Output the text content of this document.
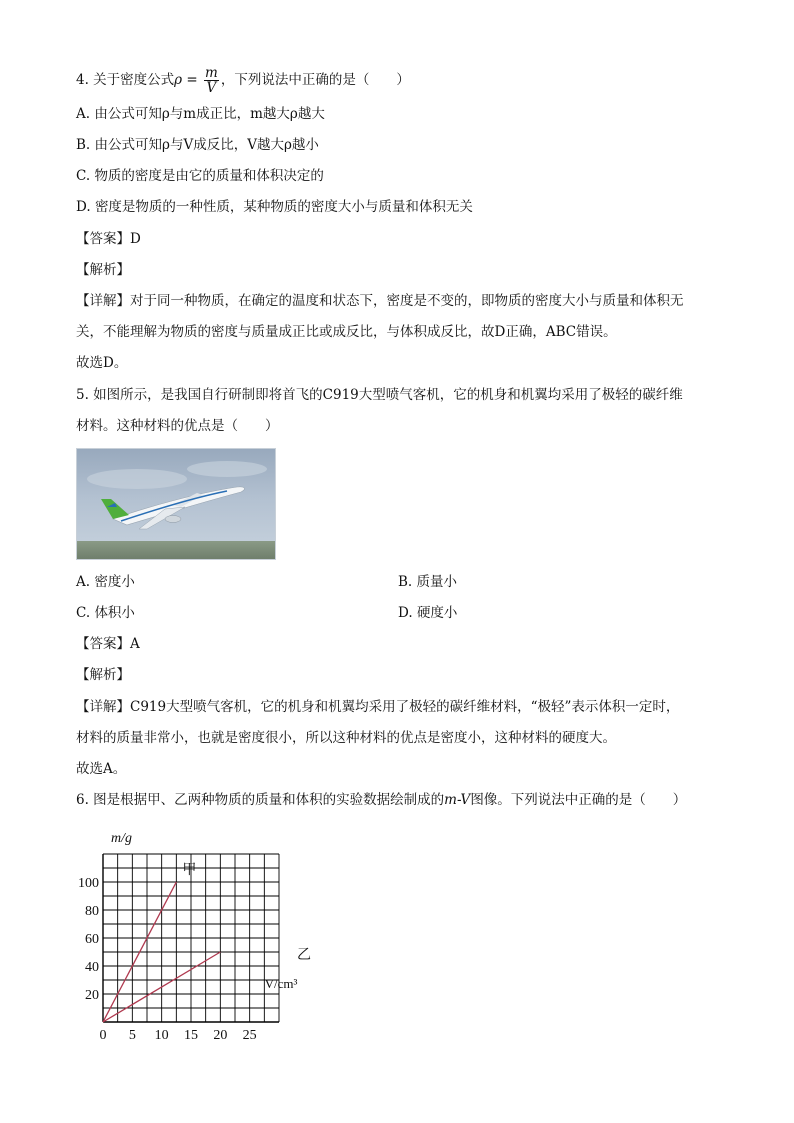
4. 关于密度公式$\rho = \frac{m}{V}$ ，下列说法中正确的是（　　）
A. 由公式可知ρ与m成正比，m越大ρ越大
B. 由公式可知ρ与V成反比，V越大ρ越小
C. 物质的密度是由它的质量和体积决定的
D. 密度是物质的一种性质，某种物质的密度大小与质量和体积无关
【答案】D
【解析】
【详解】对于同一种物质，在确定的温度和状态下，密度是不变的，即物质的密度大小与质量和体积无
关，不能理解为物质的密度与质量成正比或成反比，与体积成反比，故D正确，ABC错误。
故选D。
5. 如图所示，是我国自行研制即将首飞的C919大型喷气客机，它的机身和机翼均采用了极轻的碳纤维
材料。这种材料的优点是（　　）
A. 密度小	B. 质量小
C. 体积小	D. 硬度小
【答案】A
【解析】
【详解】C919大型喷气客机，它的机身和机翼均采用了极轻的碳纤维材料，“极轻”表示体积一定时，
材料的质量非常小，也就是密度很小，所以这种材料的优点是密度小，这种材料的硬度大。
故选A。
6. 图是根据甲、乙两种物质的质量和体积的实验数据绘制成的m-V图像。下列说法中正确的是（　　）
0 5 10 15 20 25
20
40
60
80
100
m/g
V/cm³
甲
乙
